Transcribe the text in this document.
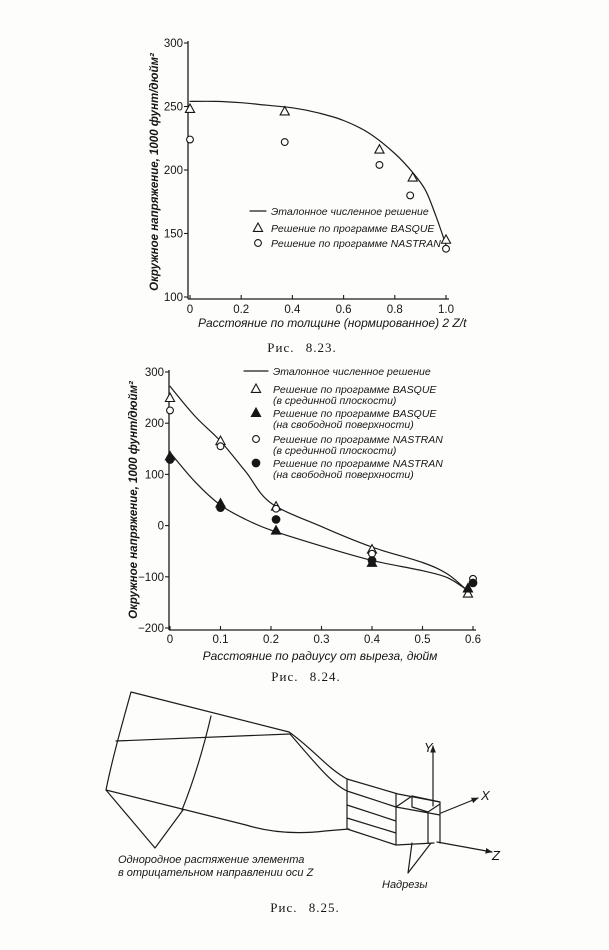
Окружное напряжение, 1000 фунт/дюйм²
Расстояние по толщине (нормированное) 2 Z/t
Рис. 8.23.
300
250
200
150
100
0	0.2	0.4	0.6	0.8	1.0
Эталонное численное решение
Решение по программе BASQUE
Решение по программе NASTRAN
Окружное напряжение, 1000 фунт/дюйм²
Расстояние по радиусу от выреза, дюйм
Рис. 8.24.
300
200
100
0
−100
−200
0	0.1	0.2	0.3	0.4	0.5	0.6
Эталонное численное решение
Решение по программе BASQUE
(в срединной плоскости)
Решение по программе BASQUE
(на свободной поверхности)
Решение по программе NASTRAN
(в срединной плоскости)
Решение по программе NASTRAN
(на свободной поверхности)
Y
X
Z
Однородное растяжение элемента
в отрицательном направлении оси Z
Надрезы
Рис. 8.25.
